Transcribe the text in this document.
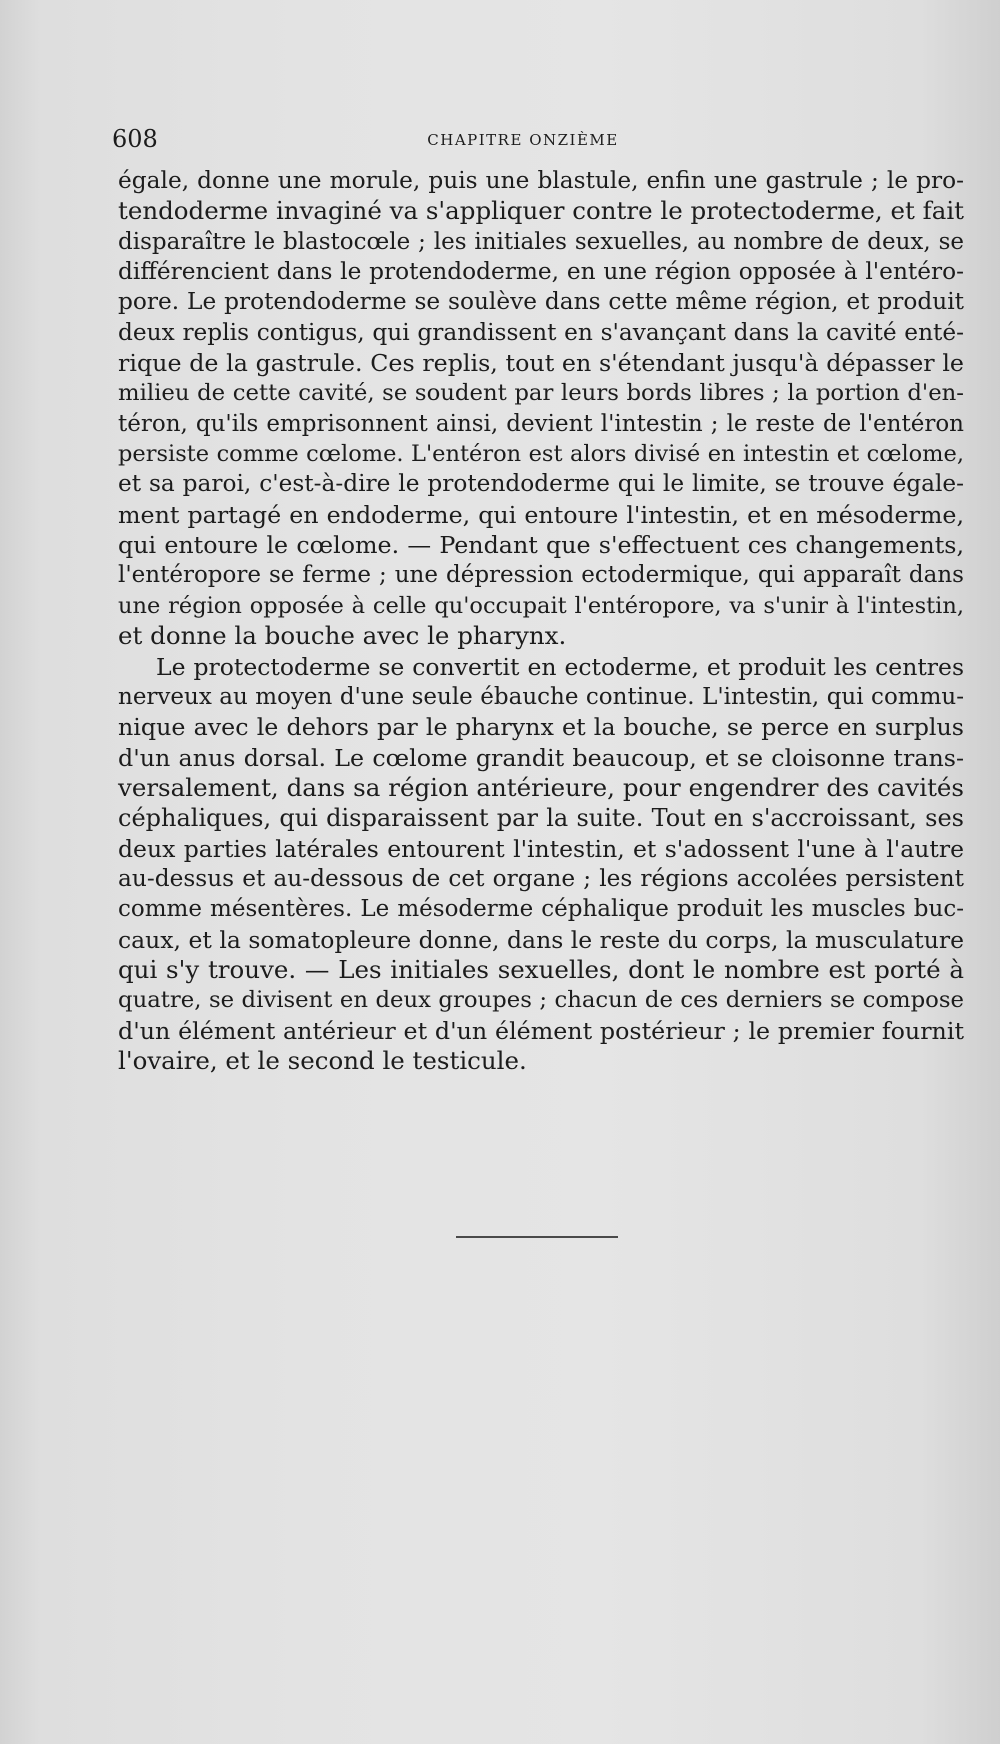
608	CHAPITRE ONZIÈME
égale, donne une morule, puis une blastule, enfin une gastrule ; le pro-
tendoderme invaginé va s'appliquer contre le protectoderme, et fait
disparaître le blastocœle ; les initiales sexuelles, au nombre de deux, se
différencient dans le protendoderme, en une région opposée à l'entéro-
pore. Le protendoderme se soulève dans cette même région, et produit
deux replis contigus, qui grandissent en s'avançant dans la cavité enté-
rique de la gastrule. Ces replis, tout en s'étendant jusqu'à dépasser le
milieu de cette cavité, se soudent par leurs bords libres ; la portion d'en-
téron, qu'ils emprisonnent ainsi, devient l'intestin ; le reste de l'entéron
persiste comme cœlome. L'entéron est alors divisé en intestin et cœlome,
et sa paroi, c'est-à-dire le protendoderme qui le limite, se trouve égale-
ment partagé en endoderme, qui entoure l'intestin, et en mésoderme,
qui entoure le cœlome. — Pendant que s'effectuent ces changements,
l'entéropore se ferme ; une dépression ectodermique, qui apparaît dans
une région opposée à celle qu'occupait l'entéropore, va s'unir à l'intestin,
et donne la bouche avec le pharynx.
Le protectoderme se convertit en ectoderme, et produit les centres
nerveux au moyen d'une seule ébauche continue. L'intestin, qui commu-
nique avec le dehors par le pharynx et la bouche, se perce en surplus
d'un anus dorsal. Le cœlome grandit beaucoup, et se cloisonne trans-
versalement, dans sa région antérieure, pour engendrer des cavités
céphaliques, qui disparaissent par la suite. Tout en s'accroissant, ses
deux parties latérales entourent l'intestin, et s'adossent l'une à l'autre
au-dessus et au-dessous de cet organe ; les régions accolées persistent
comme mésentères. Le mésoderme céphalique produit les muscles buc-
caux, et la somatopleure donne, dans le reste du corps, la musculature
qui s'y trouve. — Les initiales sexuelles, dont le nombre est porté à
quatre, se divisent en deux groupes ; chacun de ces derniers se compose
d'un élément antérieur et d'un élément postérieur ; le premier fournit
l'ovaire, et le second le testicule.
